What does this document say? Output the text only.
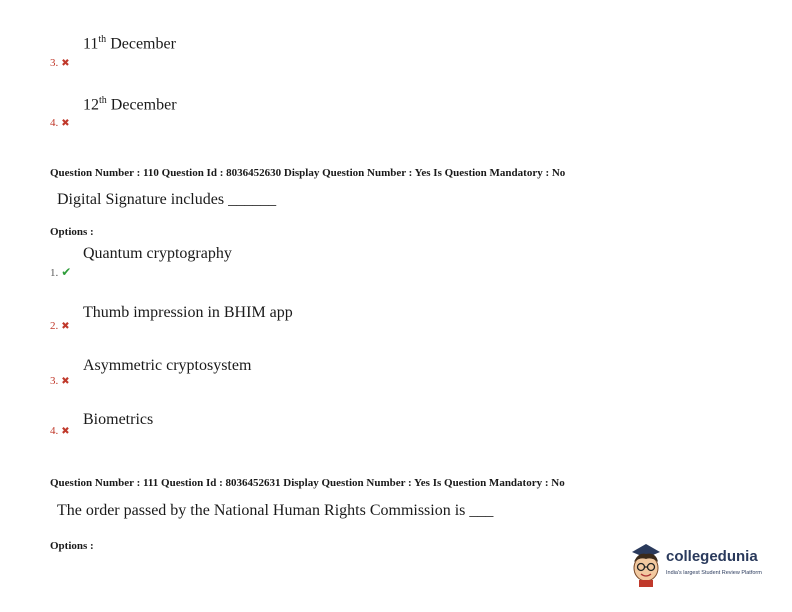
11th December
3. ✖
12th December
4. ✖
Question Number : 110 Question Id : 8036452630 Display Question Number : Yes Is Question Mandatory : No
Digital Signature includes ______
Options :
Quantum cryptography
1. ✔
Thumb impression in BHIM app
2. ✖
Asymmetric cryptosystem
3. ✖
Biometrics
4. ✖
Question Number : 111 Question Id : 8036452631 Display Question Number : Yes Is Question Mandatory : No
The order passed by the National Human Rights Commission is ___
Options :
collegedunia
India's largest Student Review Platform
